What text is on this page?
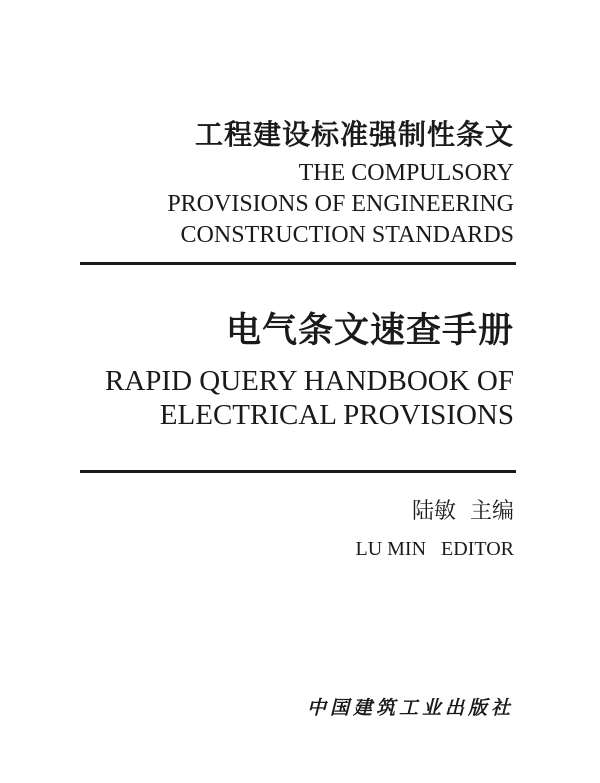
工程建设标准强制性条文
THE COMPULSORY
PROVISIONS OF ENGINEERING
CONSTRUCTION STANDARDS
电气条文速查手册
RAPID QUERY HANDBOOK OF
ELECTRICAL PROVISIONS
陆敏  主编
LU MIN   EDITOR
中国建筑工业出版社
